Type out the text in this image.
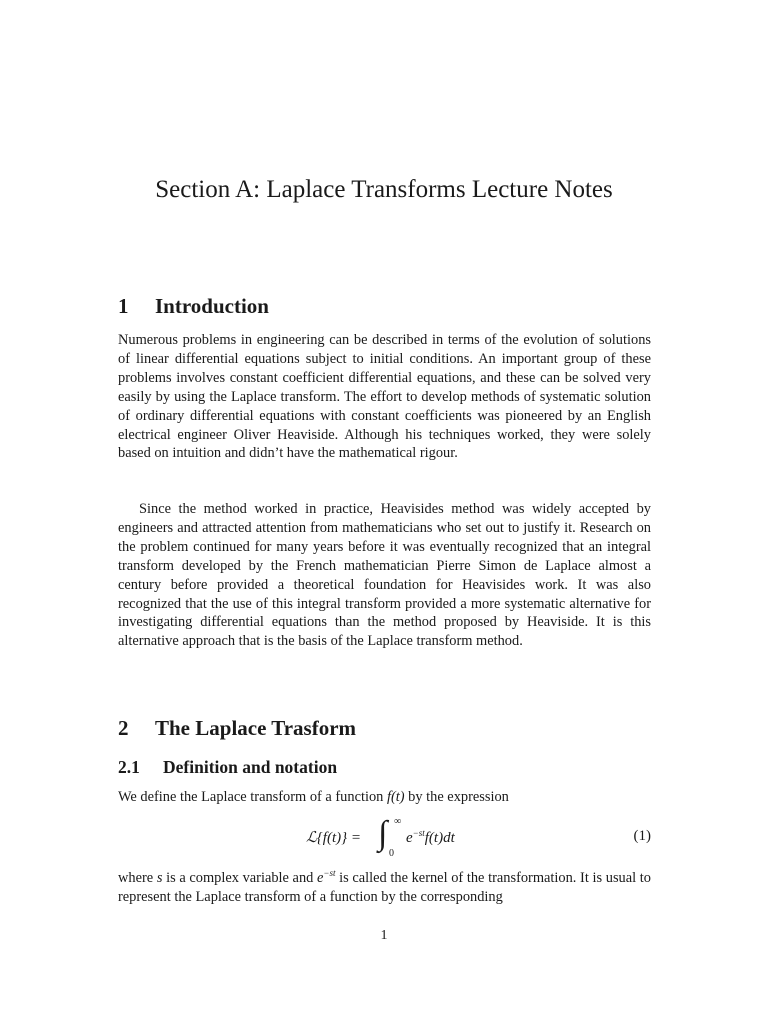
Section A: Laplace Transforms Lecture Notes
1 Introduction
Numerous problems in engineering can be described in terms of the evolution of solutions of linear differential equations subject to initial conditions. An important group of these problems involves constant coefficient differential equations, and these can be solved very easily by using the Laplace transform. The effort to develop methods of systematic solution of ordinary differential equations with constant coefficients was pioneered by an English electrical engineer Oliver Heaviside. Although his techniques worked, they were solely based on intuition and didn’t have the mathematical rigour.
Since the method worked in practice, Heavisides method was widely accepted by engineers and attracted attention from mathematicians who set out to justify it. Research on the problem continued for many years before it was eventually recognized that an integral transform developed by the French mathematician Pierre Simon de Laplace almost a century before provided a theoretical foundation for Heavisides work. It was also recognized that the use of this integral transform provided a more systematic alternative for investigating differential equations than the method proposed by Heaviside. It is this alternative approach that is the basis of the Laplace transform method.
2 The Laplace Trasform
2.1 Definition and notation
We define the Laplace transform of a function f(t) by the expression
ℒ{f(t)} = ∫ ∞
0
$e^{-st}f(t)dt$	(1)
where s is a complex variable and $e^{-st}$ is called the kernel of the transformation. It is usual to represent the Laplace transform of a function by the corresponding
1
